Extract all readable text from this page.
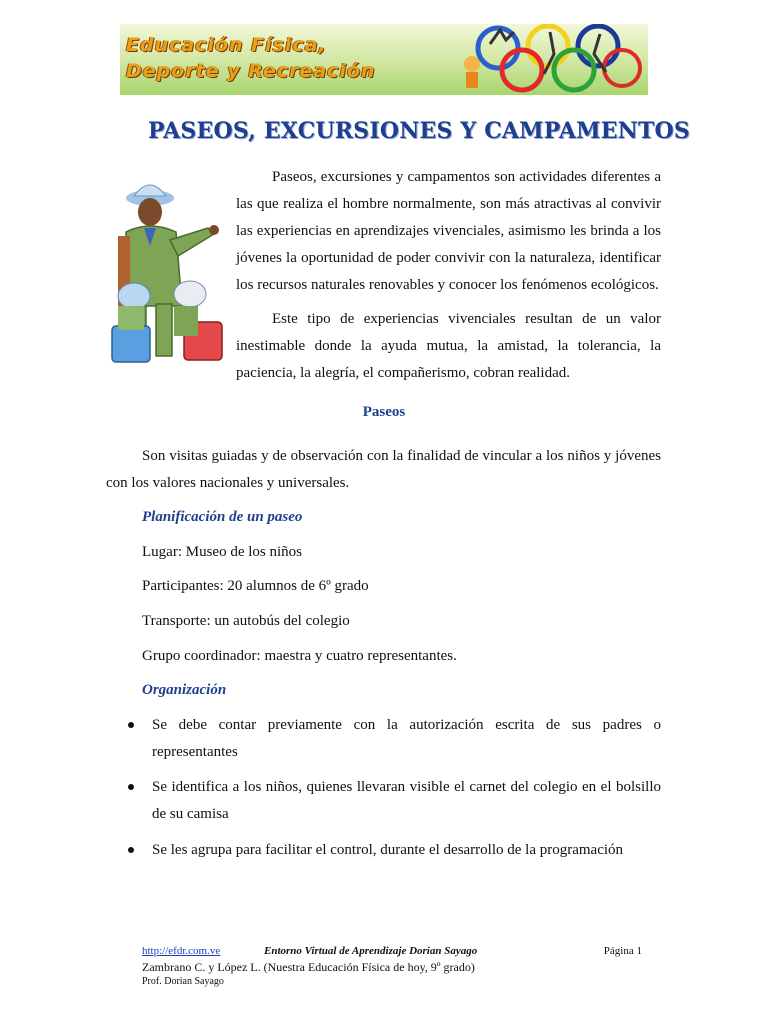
Educación Física,
Deporte y Recreación
PASEOS, EXCURSIONES Y CAMPAMENTOS

Paseos, excursiones y campamentos son actividades diferentes a las que realiza el hombre normalmente, son más atractivas al convivir las experiencias en aprendizajes vivenciales, asimismo les brinda a los jóvenes la oportunidad de poder convivir con la naturaleza, identificar los recursos naturales renovables y conocer los fenómenos ecológicos.

Este tipo de experiencias vivenciales resultan de un valor inestimable donde la ayuda mutua, la amistad, la tolerancia, la paciencia, la alegría, el compañerismo, cobran realidad.

Paseos

Son visitas guiadas y de observación con la finalidad de vincular a los niños y jóvenes con los valores nacionales y universales.

Planificación de un paseo
Lugar: Museo de los niños
Participantes: 20 alumnos de 6º grado
Transporte: un autobús del colegio
Grupo coordinador: maestra y cuatro representantes.
Organización
Se debe contar previamente con la autorización escrita de sus padres o representantes
Se identifica a los niños, quienes llevaran visible el carnet del colegio en el bolsillo de su camisa
Se les agrupa para facilitar el control, durante el desarrollo de la programación
http://efdr.com.ve	Entorno Virtual de Aprendizaje Dorian Sayago	Página 1
Zambrano C. y López L. (Nuestra Educación Física de hoy, 9º grado)
Prof. Dorian Sayago
